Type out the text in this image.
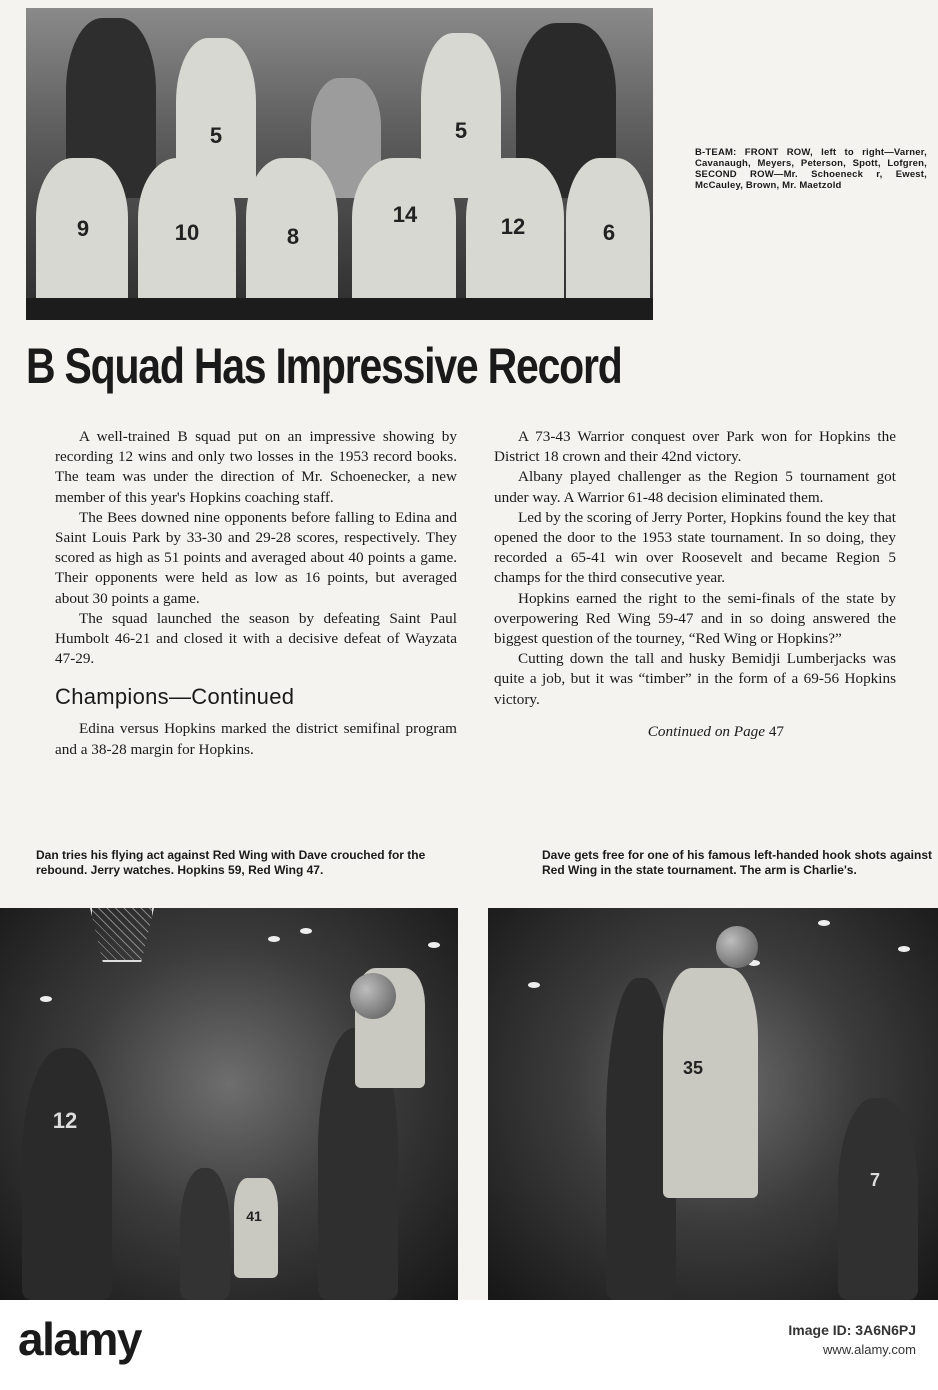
5	5
9	10	8
14	12	6
B-TEAM: FRONT ROW, left to right—Varner, Cavanaugh, Meyers, Peterson, Spott, Lofgren, SECOND ROW—Mr. Schoeneck r, Ewest, McCauley, Brown, Mr. Maetzold
B Squad Has Impressive Record

A well-trained B squad put on an impressive showing by recording 12 wins and only two losses in the 1953 record books. The team was under the direction of Mr. Schoenecker, a new member of this year's Hopkins coaching staff.

The Bees downed nine opponents before falling to Edina and Saint Louis Park by 33-30 and 29-28 scores, respectively. They scored as high as 51 points and averaged about 40 points a game. Their opponents were held as low as 16 points, but averaged about 30 points a game.

The squad launched the season by defeating Saint Paul Humbolt 46-21 and closed it with a decisive defeat of Wayzata 47-29.

Champions—Continued

Edina versus Hopkins marked the district semifinal program and a 38-28 margin for Hopkins.

A 73-43 Warrior conquest over Park won for Hopkins the District 18 crown and their 42nd victory.

Albany played challenger as the Region 5 tournament got under way. A Warrior 61-48 decision eliminated them.

Led by the scoring of Jerry Porter, Hopkins found the key that opened the door to the 1953 state tournament. In so doing, they recorded a 65-41 win over Roosevelt and became Region 5 champs for the third consecutive year.

Hopkins earned the right to the semi-finals of the state by overpowering Red Wing 59-47 and in so doing answered the biggest question of the tourney, “Red Wing or Hopkins?”

Cutting down the tall and husky Bemidji Lumberjacks was quite a job, but it was “timber” in the form of a 69-56 Hopkins victory.

Continued on Page 47

Dan tries his flying act against Red Wing with Dave crouched for the rebound. Jerry watches. Hopkins 59, Red Wing 47.
Dave gets free for one of his famous left-handed hook shots against Red Wing in the state tournament. The arm is Charlie's.
12
41
35
7
alamy	Image ID: 3A6N6PJ
www.alamy.com
